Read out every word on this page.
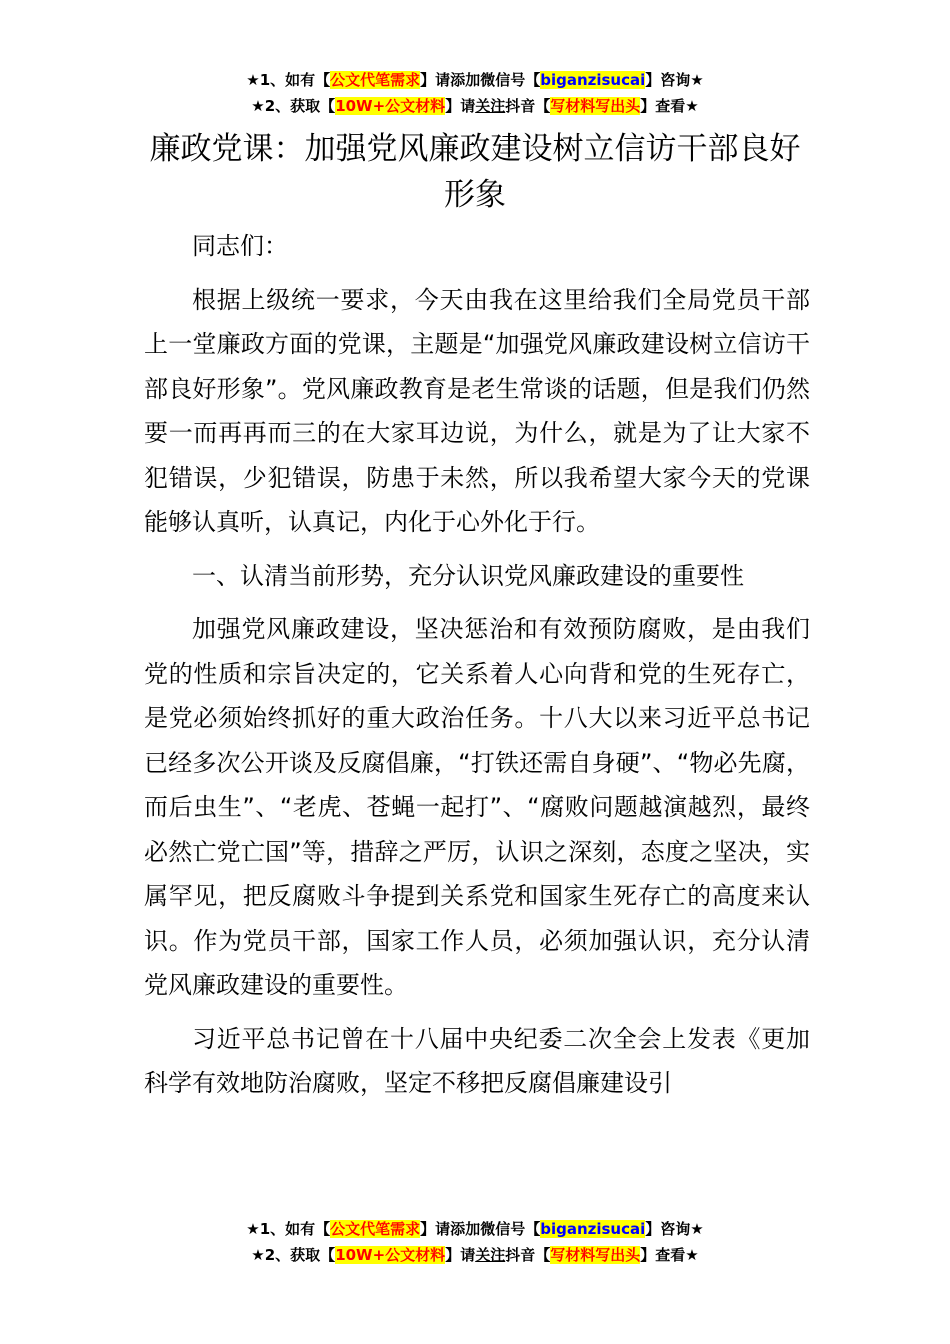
★1、如有【公文代笔需求】请添加微信号【biganzisucai】咨询★
★2、获取【10W+公文材料】请关注抖音【写材料写出头】查看★
廉政党课：加强党风廉政建设树立信访干部良好形象

同志们：

根据上级统一要求，今天由我在这里给我们全局党员干部上一堂廉政方面的党课，主题是“加强党风廉政建设树立信访干部良好形象”。党风廉政教育是老生常谈的话题，但是我们仍然要一而再再而三的在大家耳边说，为什么，就是为了让大家不犯错误，少犯错误，防患于未然，所以我希望大家今天的党课能够认真听，认真记，内化于心外化于行。

一、认清当前形势，充分认识党风廉政建设的重要性

加强党风廉政建设，坚决惩治和有效预防腐败，是由我们党的性质和宗旨决定的，它关系着人心向背和党的生死存亡，是党必须始终抓好的重大政治任务。十八大以来习近平总书记已经多次公开谈及反腐倡廉，“打铁还需自身硬”、“物必先腐，而后虫生”、“老虎、苍蝇一起打”、“腐败问题越演越烈，最终必然亡党亡国”等，措辞之严厉，认识之深刻，态度之坚决，实属罕见，把反腐败斗争提到关系党和国家生死存亡的高度来认识。作为党员干部，国家工作人员，必须加强认识，充分认清党风廉政建设的重要性。

习近平总书记曾在十八届中央纪委二次全会上发表《更加科学有效地防治腐败，坚定不移把反腐倡廉建设引

★1、如有【公文代笔需求】请添加微信号【biganzisucai】咨询★
★2、获取【10W+公文材料】请关注抖音【写材料写出头】查看★
